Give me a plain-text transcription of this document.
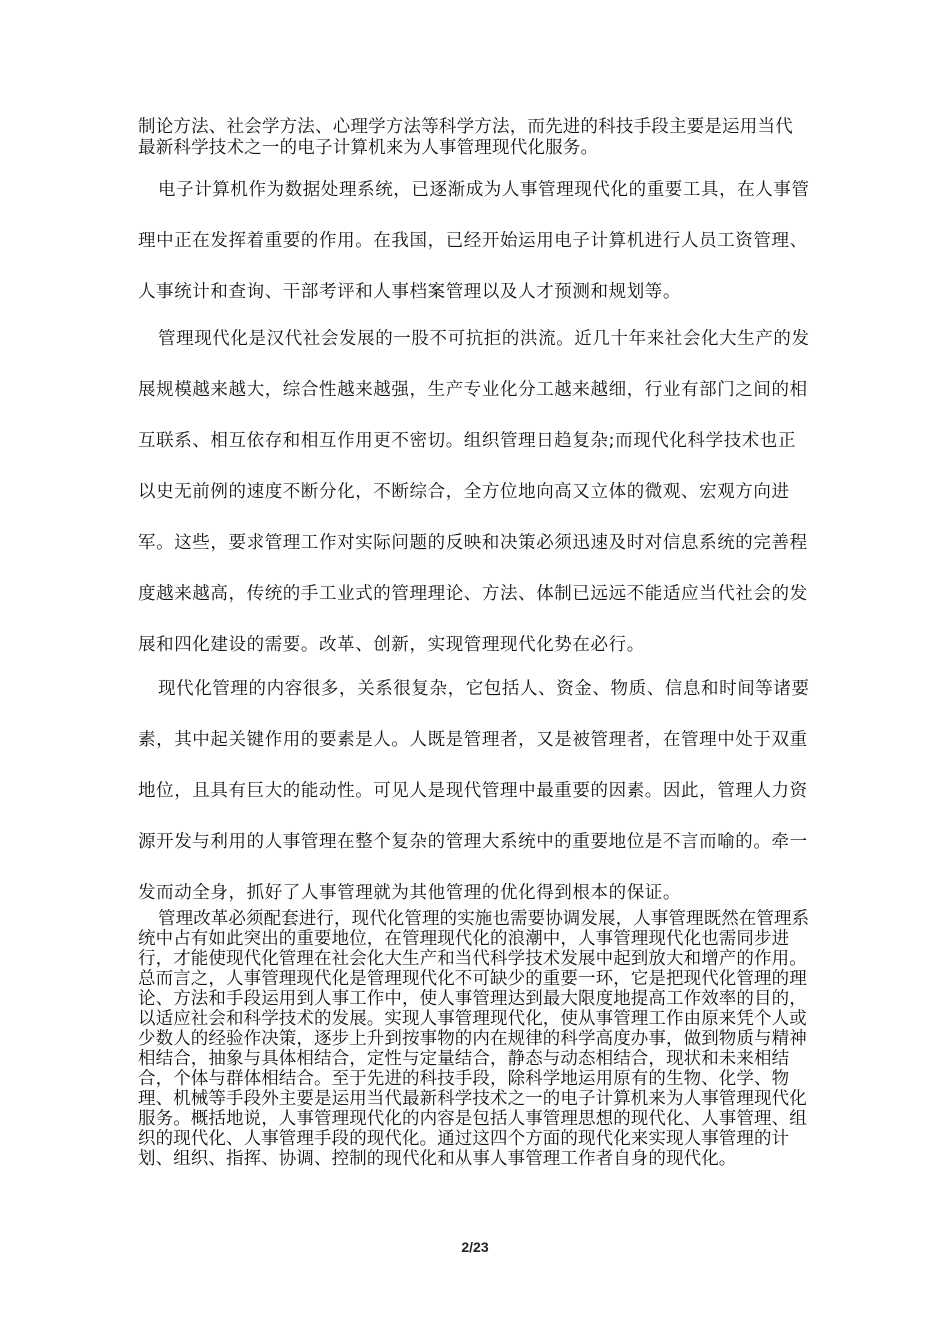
制论方法、社会学方法、心理学方法等科学方法，而先进的科技手段主要是运用当代最新科学技术之一的电子计算机来为人事管理现代化服务。

电子计算机作为数据处理系统，已逐渐成为人事管理现代化的重要工具，在人事管理中正在发挥着重要的作用。在我国，已经开始运用电子计算机进行人员工资管理、人事统计和查询、干部考评和人事档案管理以及人才预测和规划等。

管理现代化是汉代社会发展的一股不可抗拒的洪流。近几十年来社会化大生产的发展规模越来越大，综合性越来越强，生产专业化分工越来越细，行业有部门之间的相互联系、相互依存和相互作用更不密切。组织管理日趋复杂;而现代化科学技术也正以史无前例的速度不断分化，不断综合，全方位地向高又立体的微观、宏观方向进军。这些，要求管理工作对实际问题的反映和决策必须迅速及时对信息系统的完善程度越来越高，传统的手工业式的管理理论、方法、体制已远远不能适应当代社会的发展和四化建设的需要。改革、创新，实现管理现代化势在必行。

现代化管理的内容很多，关系很复杂，它包括人、资金、物质、信息和时间等诸要素，其中起关键作用的要素是人。人既是管理者，又是被管理者，在管理中处于双重地位，且具有巨大的能动性。可见人是现代管理中最重要的因素。因此，管理人力资源开发与利用的人事管理在整个复杂的管理大系统中的重要地位是不言而喻的。牵一发而动全身，抓好了人事管理就为其他管理的优化得到根本的保证。

管理改革必须配套进行，现代化管理的实施也需要协调发展，人事管理既然在管理系统中占有如此突出的重要地位，在管理现代化的浪潮中，人事管理现代化也需同步进行，才能使现代化管理在社会化大生产和当代科学技术发展中起到放大和增产的作用。总而言之，人事管理现代化是管理现代化不可缺少的重要一环，它是把现代化管理的理论、方法和手段运用到人事工作中，使人事管理达到最大限度地提高工作效率的目的，以适应社会和科学技术的发展。实现人事管理现代化，使从事管理工作由原来凭个人或少数人的经验作决策，逐步上升到按事物的内在规律的科学高度办事，做到物质与精神相结合，抽象与具体相结合，定性与定量结合，静态与动态相结合，现状和未来相结合，个体与群体相结合。至于先进的科技手段，除科学地运用原有的生物、化学、物理、机械等手段外主要是运用当代最新科学技术之一的电子计算机来为人事管理现代化服务。概括地说，人事管理现代化的内容是包括人事管理思想的现代化、人事管理、组织的现代化、人事管理手段的现代化。通过这四个方面的现代化来实现人事管理的计划、组织、指挥、协调、控制的现代化和从事人事管理工作者自身的现代化。

2/23
